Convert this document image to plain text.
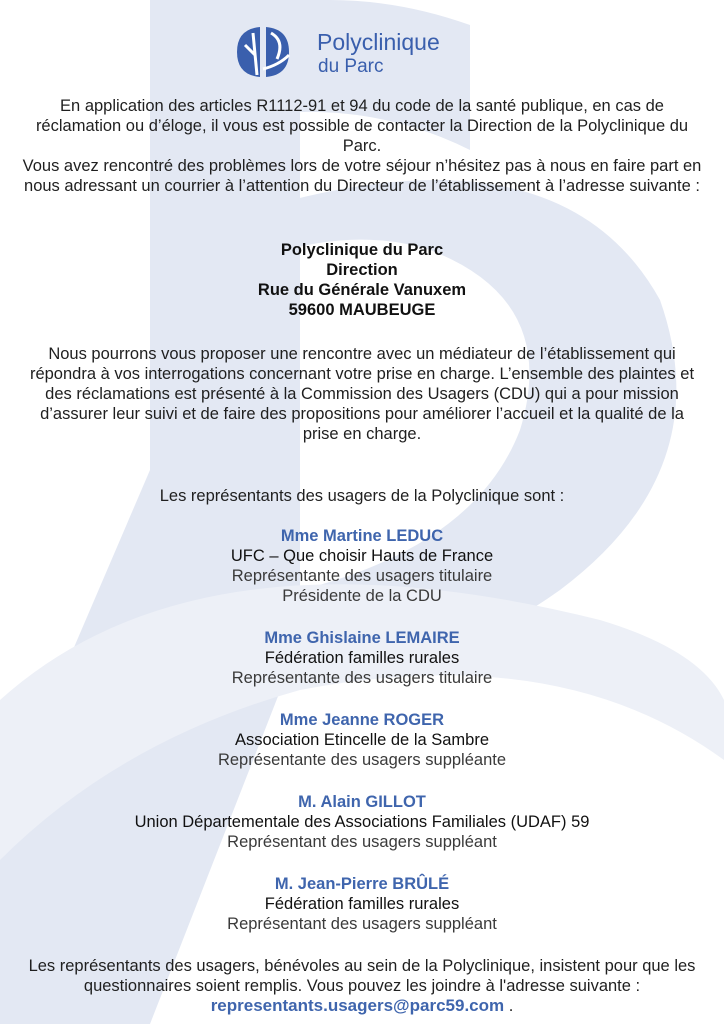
Polyclinique
du Parc

En application des articles R1112-91 et 94 du code de la santé publique, en cas de réclamation ou d’éloge, il vous est possible de contacter la Direction de la Polyclinique du Parc.

Vous avez rencontré des problèmes lors de votre séjour n’hésitez pas à nous en faire part en nous adressant un courrier à l’attention du Directeur de l’établissement à l’adresse suivante :

Polyclinique du Parc

Direction

Rue du Générale Vanuxem

59600 MAUBEUGE

Nous pourrons vous proposer une rencontre avec un médiateur de l’établissement qui répondra à vos interrogations concernant votre prise en charge. L’ensemble des plaintes et des réclamations est présenté à la Commission des Usagers (CDU) qui a pour mission d’assurer leur suivi et de faire des propositions pour améliorer l’accueil et la qualité de la prise en charge.

Les représentants des usagers de la Polyclinique sont :

Mme Martine LEDUC

UFC – Que choisir Hauts de France

Représentante des usagers titulaire

Présidente de la CDU

Mme Ghislaine LEMAIRE

Fédération familles rurales

Représentante des usagers titulaire

Mme Jeanne ROGER

Association Etincelle de la Sambre

Représentante des usagers suppléante

M. Alain GILLOT

Union Départementale des Associations Familiales (UDAF) 59

Représentant des usagers suppléant

M. Jean-Pierre BRÛLÉ

Fédération familles rurales

Représentant des usagers suppléant

Les représentants des usagers, bénévoles au sein de la Polyclinique, insistent pour que les questionnaires soient remplis. Vous pouvez les joindre à l'adresse suivante : representants.usagers@parc59.com .
